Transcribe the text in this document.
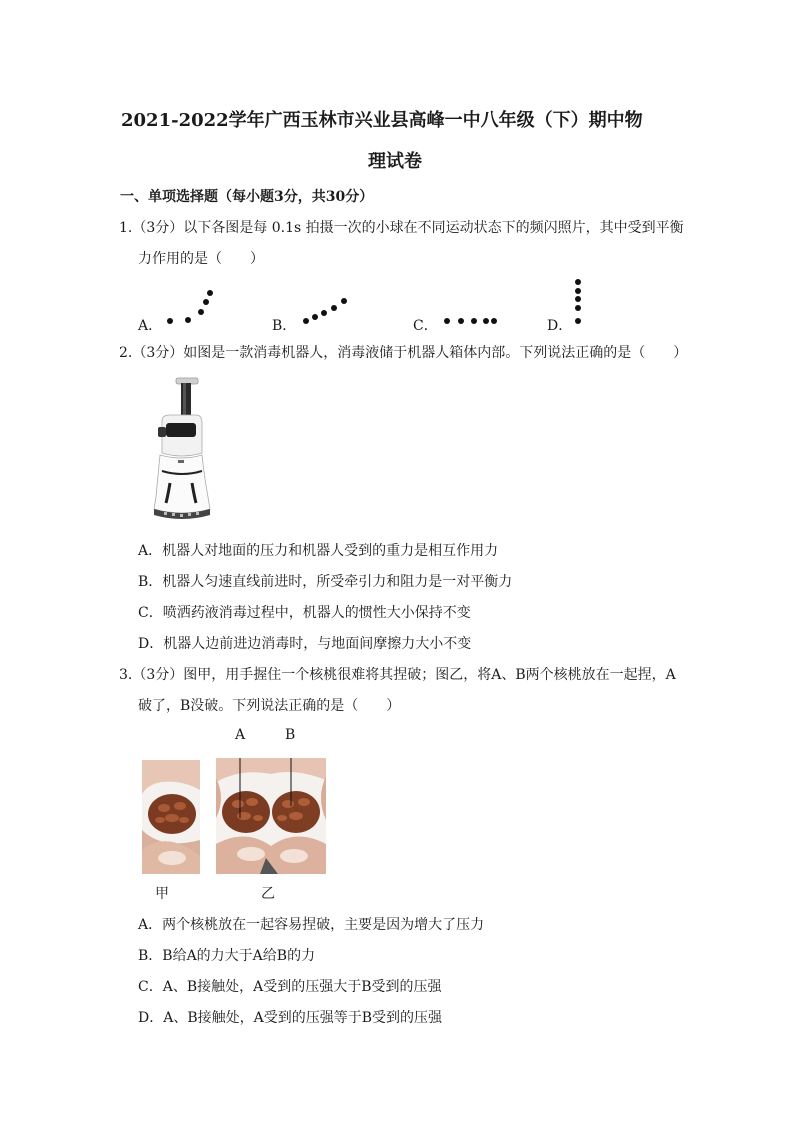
2021-2022学年广西玉林市兴业县高峰一中八年级（下）期中物
理试卷
一、单项选择题（每小题3分，共30分）
1.（3分）以下各图是每 0.1s 拍摄一次的小球在不同运动状态下的频闪照片，其中受到平衡
力作用的是（　　）
A．	B．	C．	D．
2.（3分）如图是一款消毒机器人，消毒液储于机器人箱体内部。下列说法正确的是（　　）
A．机器人对地面的压力和机器人受到的重力是相互作用力
B．机器人匀速直线前进时，所受牵引力和阻力是一对平衡力
C．喷洒药液消毒过程中，机器人的惯性大小保持不变
D．机器人边前进边消毒时，与地面间摩擦力大小不变
3.（3分）图甲，用手握住一个核桃很难将其捏破；图乙，将A、B两个核桃放在一起捏，A
破了，B没破。下列说法正确的是（　　）
A	B
甲	乙
A．两个核桃放在一起容易捏破，主要是因为增大了压力
B．B给A的力大于A给B的力
C．A、B接触处，A受到的压强大于B受到的压强
D．A、B接触处，A受到的压强等于B受到的压强
